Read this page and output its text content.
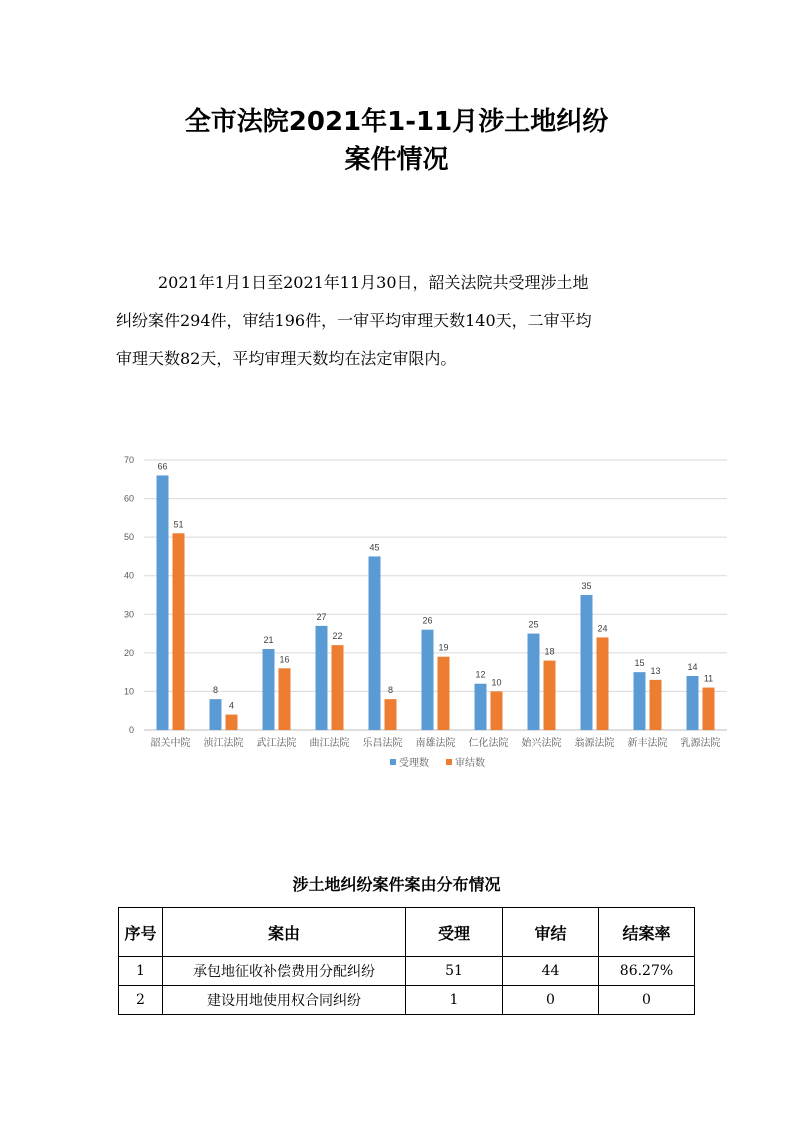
全市法院2021年1-11月涉土地纠纷
案件情况
2021年1月1日至2021年11月30日，韶关法院共受理涉土地
纠纷案件294件，审结196件，一审平均审理天数140天，二审平均
审理天数82天，平均审理天数均在法定审限内。
0
10
20
30
40
50
60
70
66
51
韶关中院
8
4
浈江法院
21
16
武江法院
27
22
曲江法院
45
8
乐昌法院
26
19
南雄法院
12
10
仁化法院
25
18
始兴法院
35
24
翁源法院
15
13
新丰法院
14
11
乳源法院
受理数	审结数
涉土地纠纷案件案由分布情况
序号	案由	受理	审结	结案率
1	承包地征收补偿费用分配纠纷	51	44	86.27%
2	建设用地使用权合同纠纷	1	0	0
